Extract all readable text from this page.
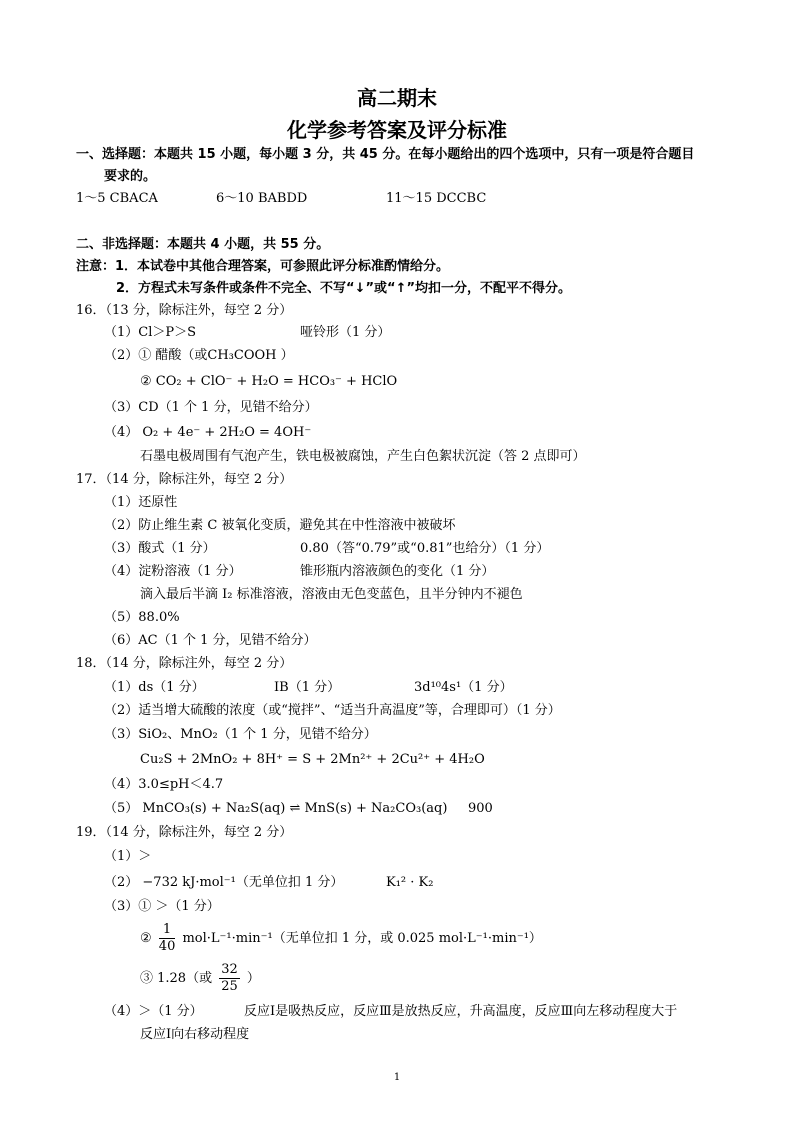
高二期末
化学参考答案及评分标准
一、选择题：本题共 15 小题，每小题 3 分，共 45 分。在每小题给出的四个选项中，只有一项是符合题目
要求的。
1～5 CBACA	6～10 BABDD	11～15 DCCBC
二、非选择题：本题共 4 小题，共 55 分。
注意：1．本试卷中其他合理答案，可参照此评分标准酌情给分。
2．方程式未写条件或条件不完全、不写“↓”或“↑”均扣一分，不配平不得分。
16．（13 分，除标注外，每空 2 分）
（1）Cl＞P＞S	哑铃形（1 分）
（2）① 醋酸（或CH₃COOH ）
② CO₂ + ClO⁻ + H₂O = HCO₃⁻ + HClO
（3）CD（1 个 1 分，见错不给分）
（4） O₂ + 4e⁻ + 2H₂O = 4OH⁻
石墨电极周围有气泡产生，铁电极被腐蚀，产生白色絮状沉淀（答 2 点即可）
17．（14 分，除标注外，每空 2 分）
（1）还原性
（2）防止维生素 C 被氧化变质，避免其在中性溶液中被破坏
（3）酸式（1 分）	0.80（答“0.79”或“0.81”也给分）（1 分）
（4）淀粉溶液（1 分）	锥形瓶内溶液颜色的变化（1 分）
滴入最后半滴 I₂ 标准溶液，溶液由无色变蓝色，且半分钟内不褪色
（5）88.0%
（6）AC（1 个 1 分，见错不给分）
18．（14 分，除标注外，每空 2 分）
（1）ds（1 分）	ⅠB（1 分）	3d¹⁰4s¹（1 分）
（2）适当增大硫酸的浓度（或“搅拌”、“适当升高温度”等，合理即可）（1 分）
（3）SiO₂、MnO₂（1 个 1 分，见错不给分）
Cu₂S + 2MnO₂ + 8H⁺ = S + 2Mn²⁺ + 2Cu²⁺ + 4H₂O
（4）3.0≤pH＜4.7
（5） MnCO₃(s) + Na₂S(aq) ⇌ MnS(s) + Na₂CO₃(aq) 900
19．（14 分，除标注外，每空 2 分）
（1）＞
（2） −732 kJ·mol⁻¹（无单位扣 1 分）	K₁² · K₂
（3）① ＞（1 分）
② $\frac{1}{40} mol\cdot L^{-1}\cdot\min^{-1}$（无单位扣 1 分，或 0.025 mol·L⁻¹·min⁻¹）
③ 1.28（或 $\frac{32}{25}$ ）
（4）＞（1 分）	反应Ⅰ是吸热反应，反应Ⅲ是放热反应，升高温度，反应Ⅲ向左移动程度大于
反应Ⅰ向右移动程度
1
